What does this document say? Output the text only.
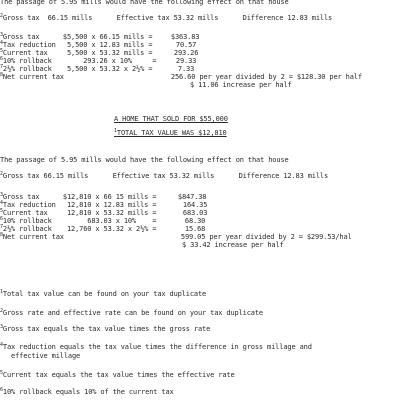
The passage of 5.95 mills would have the following effect on that house
$^2$Gross tax  66.15 mills      Effective tax 53.32 mills      Difference 12.83 mills
$^3$Gross tax	$5,500 x 66.15 mills =	$363.83
$^4$Tax reduction 5,500 x 12.83 mills =	70.57
$^5$Current tax 5,500 x 53.32 mills =	293.26
$^6$10% rollback     293.26 x 10%     =	29.33
$^7$2½% rollback 5,500 x 53.32 x 2½% =	7.33
$^8$Net current tax	256.60 per year divided by 2 = $128.30 per half
$ 11.06 increase per half
A HOME THAT SOLD FOR $55,000
$^1$TOTAL TAX VALUE WAS $12,810
The passage of 5.95 mills would have the following effect on that house
$^2$Gross tax 66.15 mills      Effective tax 53.32 mills      Difference 12.83 mills
$^3$Gross tax	$12,810 x 66 15 mills =	$847.38
$^4$Tax reduction 12,810 x 12.83 mills =	164.35
$^5$Current tax 12,810 x 53.32 mills =	683.03
$^6$10% rollback      683.03 x 10%    =	68.30
$^7$2½% rollback 12,760 x 53.32 x 2½% =	15.68
$^8$Net current tax	599.05 per year divided by 2 = $299.53/hal
$ 33.42 increase per half
$^1$Total tax value can be found on your tax duplicate
$^2$Gross rate and effective rate can be found on your tax duplicate
$^3$Gross tax equals the tax value times the gross rate
$^4$Tax reduction equals the tax value times the difference in gross millage and
effective millage
$^5$Current tax equals the tax value times the effective rate
$^6$10% rollback equals 10% of the current tax
